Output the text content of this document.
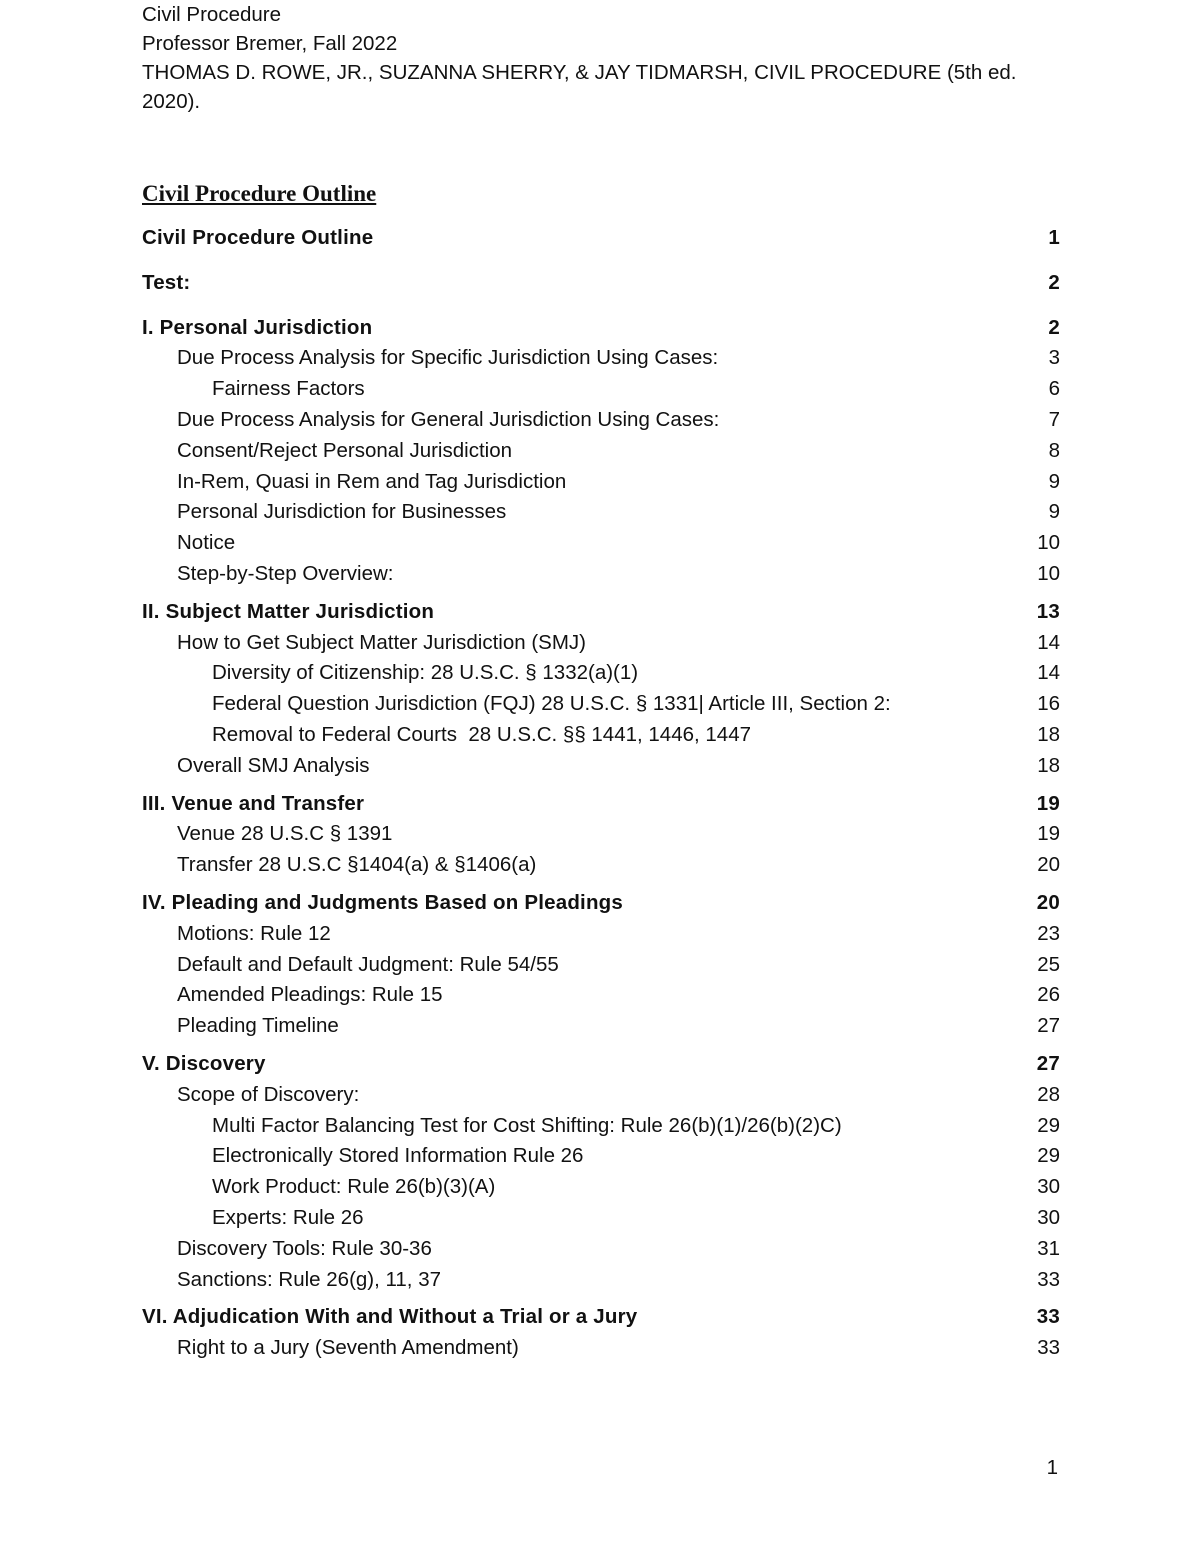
Civil Procedure
Professor Bremer, Fall 2022
THOMAS D. ROWE, JR., SUZANNA SHERRY, & JAY TIDMARSH, CIVIL PROCEDURE (5th ed. 2020).
Civil Procedure Outline
Civil Procedure Outline	1
Test:	2
I. Personal Jurisdiction	2
Due Process Analysis for Specific Jurisdiction Using Cases:	3
Fairness Factors	6
Due Process Analysis for General Jurisdiction Using Cases:	7
Consent/Reject Personal Jurisdiction	8
In-Rem, Quasi in Rem and Tag Jurisdiction	9
Personal Jurisdiction for Businesses	9
Notice	10
Step-by-Step Overview:	10
II. Subject Matter Jurisdiction	13
How to Get Subject Matter Jurisdiction (SMJ)	14
Diversity of Citizenship: 28 U.S.C. § 1332(a)(1)	14
Federal Question Jurisdiction (FQJ) 28 U.S.C. § 1331| Article III, Section 2:	16
Removal to Federal Courts  28 U.S.C. §§ 1441, 1446, 1447	18
Overall SMJ Analysis	18
III. Venue and Transfer	19
Venue 28 U.S.C § 1391	19
Transfer 28 U.S.C §1404(a) & §1406(a)	20
IV. Pleading and Judgments Based on Pleadings	20
Motions: Rule 12	23
Default and Default Judgment: Rule 54/55	25
Amended Pleadings: Rule 15	26
Pleading Timeline	27
V. Discovery	27
Scope of Discovery:	28
Multi Factor Balancing Test for Cost Shifting: Rule 26(b)(1)/26(b)(2)C)	29
Electronically Stored Information Rule 26	29
Work Product: Rule 26(b)(3)(A)	30
Experts: Rule 26	30
Discovery Tools: Rule 30-36	31
Sanctions: Rule 26(g), 11, 37	33
VI. Adjudication With and Without a Trial or a Jury	33
Right to a Jury (Seventh Amendment)	33
1
